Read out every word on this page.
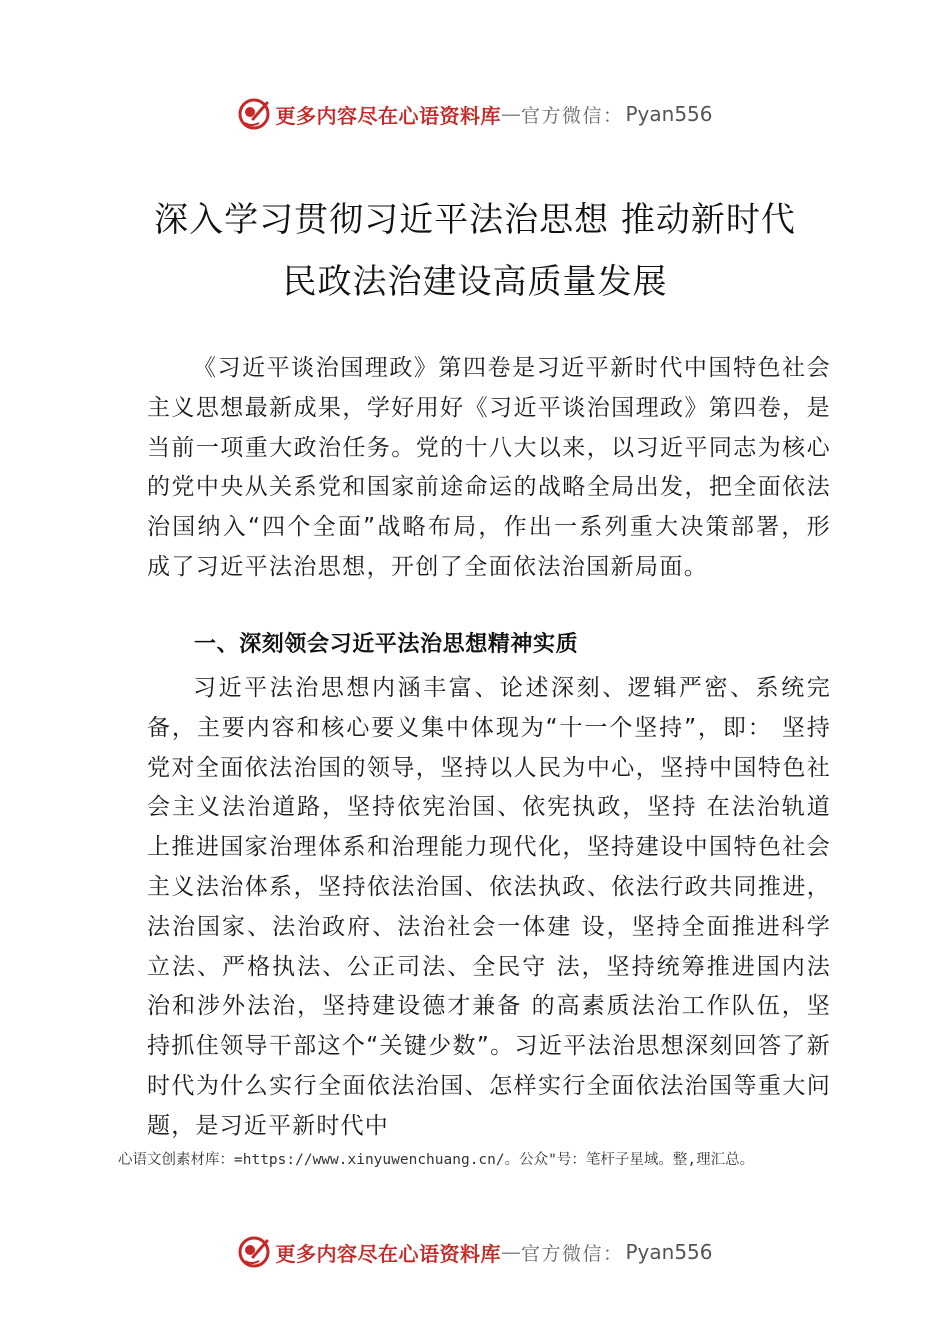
更多内容尽在心语资料库 — 官方微信： Pyan556
深入学习贯彻习近平法治思想 推动新时代
民政法治建设高质量发展

《习近平谈治国理政》第四卷是习近平新时代中国特色社会主义思想最新成果，学好用好《习近平谈治国理政》第四卷，是当前一项重大政治任务。党的十八大以来，以习近平同志为核心的党中央从关系党和国家前途命运的战略全局出发，把全面依法治国纳入“四个全面”战略布局，作出一系列重大决策部署，形成了习近平法治思想，开创了全面依法治国新局面。

一、深刻领会习近平法治思想精神实质

习近平法治思想内涵丰富、论述深刻、逻辑严密、系统完备，主要内容和核心要义集中体现为“十一个坚持”，即： 坚持党对全面依法治国的领导，坚持以人民为中心，坚持中国特色社会主义法治道路，坚持依宪治国、依宪执政，坚持 在法治轨道上推进国家治理体系和治理能力现代化，坚持建设中国特色社会主义法治体系，坚持依法治国、依法执政、依法行政共同推进，法治国家、法治政府、法治社会一体建 设，坚持全面推进科学立法、严格执法、公正司法、全民守 法，坚持统筹推进国内法治和涉外法治，坚持建设德才兼备 的高素质法治工作队伍，坚持抓住领导干部这个“关键少数”。习近平法治思想深刻回答了新时代为什么实行全面依法治国、怎样实行全面依法治国等重大问题，是习近平新时代中

心语文创素材库：=https://www.xinyuwenchuang.cn/。公众"号：笔杆子星域。整,理汇总。
更多内容尽在心语资料库 — 官方微信： Pyan556
